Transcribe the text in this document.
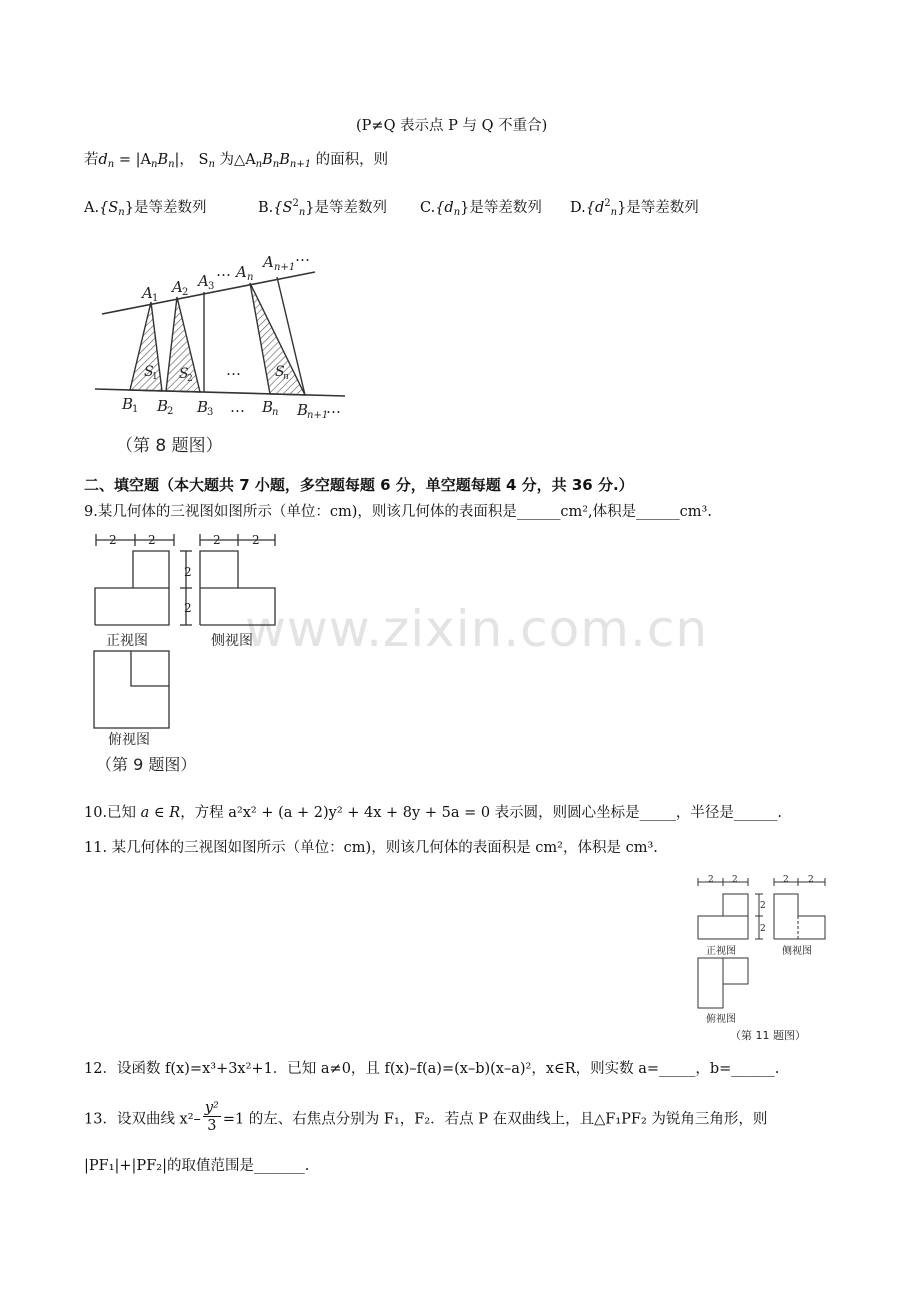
www.zixin.com.cn
(P≠Q 表示点 P 与 Q 不重合)
若$d_n = |A_nB_n|$， $S_n$ 为$\triangle A_nB_nB_{n+1}$ 的面积，则
$A.\{S_n\}$是等差数列	$B.\{S^2_n\}$是等差数列 $C.\{d_n\}$是等差数列 $D.\{d^2_n\}$是等差数列
A 1
A 2
A 3
… A n
A n+1
…
S
1 S
2 … S
n
B
1 B
2 B
3 … B
n B
n+1
…
（第 8 题图）
二、填空题（本大题共 7 小题，多空题每题 6 分，单空题每题 4 分，共 36 分.）
9.某几何体的三视图如图所示（单位：cm)，则该几何体的表面积是______cm²,体积是______cm³.
2	2	2	2
2
2
正视图	侧视图
俯视图
（第 9 题图）
10.已知 a ∈ R，方程 a²x² + (a + 2)y² + 4x + 8y + 5a = 0 表示圆，则圆心坐标是_____，半径是______.
11. 某几何体的三视图如图所示（单位：cm)，则该几何体的表面积是 cm²，体积是 cm³.
2 2	2 2
2
2
正视图	侧视图
俯视图
（第 11 题图）
12．设函数 f(x)=x³+3x²+1．已知 a≠0，且 f(x)–f(a)=(x–b)(x–a)²，x∈R，则实数 a=_____，b=______.
13．设双曲线 $x^2- \frac{\text{y²}}{3} =1$ 的左、右焦点分别为 F₁，F₂．若点 P 在双曲线上，且△F₁PF₂ 为锐角三角形，则
|PF₁|+|PF₂|的取值范围是_______.
